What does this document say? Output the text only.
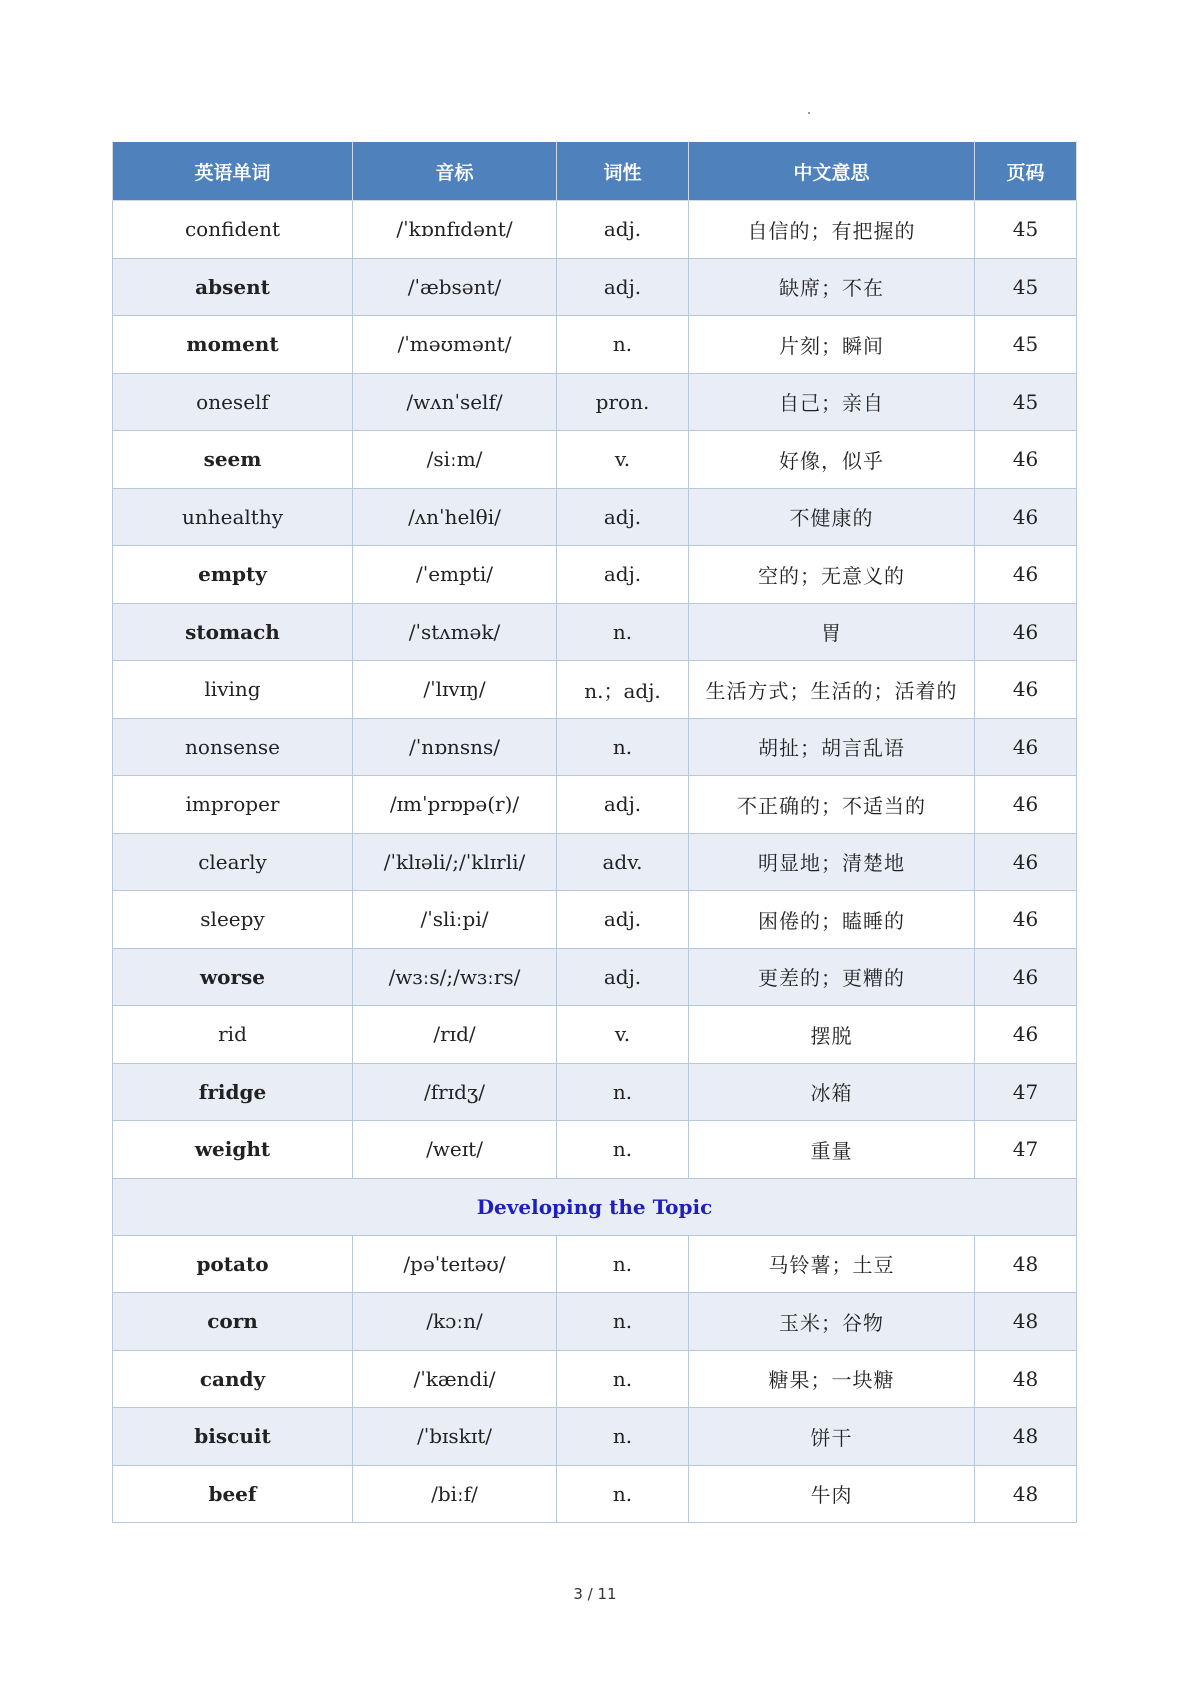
英语单词	音标	词性	中文意思	页码
confident	/ˈkɒnfɪdənt/	adj.	自信的；有把握的	45
absent	/ˈæbsənt/	adj.	缺席；不在	45
moment	/ˈməʊmənt/	n.	片刻；瞬间	45
oneself	/wʌnˈself/	pron.	自己；亲自	45
seem	/siːm/	v.	好像，似乎	46
unhealthy	/ʌnˈhelθi/	adj.	不健康的	46
empty	/ˈempti/	adj.	空的；无意义的	46
stomach	/ˈstʌmək/	n.	胃	46
living	/ˈlɪvɪŋ/	n.；adj.	生活方式；生活的；活着的	46
nonsense	/ˈnɒnsns/	n.	胡扯；胡言乱语	46
improper	/ɪmˈprɒpə(r)/	adj.	不正确的；不适当的	46
clearly	/ˈklɪəli/;/ˈklɪrli/	adv.	明显地；清楚地	46
sleepy	/ˈsliːpi/	adj.	困倦的；瞌睡的	46
worse	/wɜːs/;/wɜːrs/	adj.	更差的；更糟的	46
rid	/rɪd/	v.	摆脱	46
fridge	/frɪdʒ/	n.	冰箱	47
weight	/weɪt/	n.	重量	47
Developing the Topic				
potato	/pəˈteɪtəʊ/	n.	马铃薯；土豆	48
corn	/kɔːn/	n.	玉米；谷物	48
candy	/ˈkændi/	n.	糖果；一块糖	48
biscuit	/ˈbɪskɪt/	n.	饼干	48
beef	/biːf/	n.	牛肉	48
3 / 11
